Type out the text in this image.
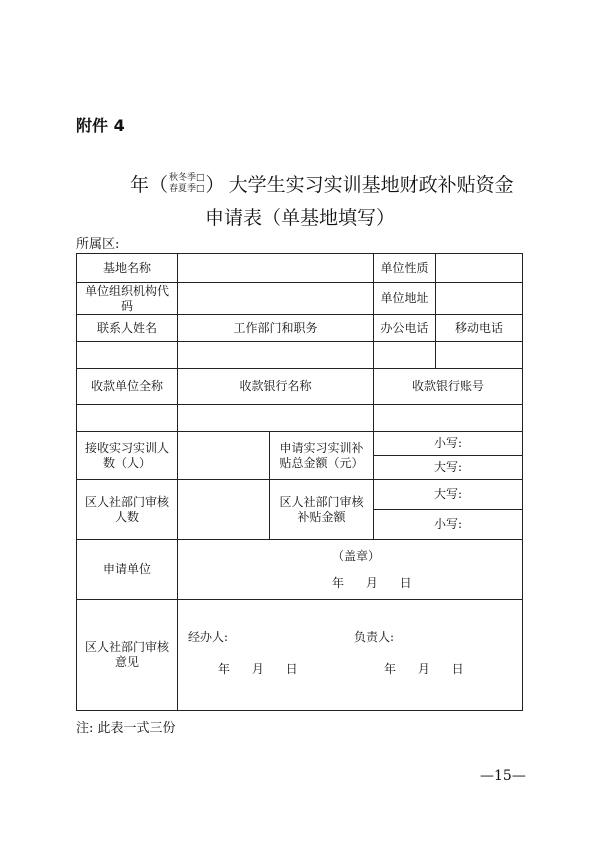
附件 4
年（秋冬季□
春夏季□） 大学生实习实训基地财政补贴资金
申请表（单基地填写）
所属区:
基地名称			单位性质	
单位组织机构代码			单位地址	
联系人姓名	工作部门和职务		办公电话	移动电话

收款单位全称	收款银行名称		收款银行账号	

接收实习实训人数（人）		申请实习实训补贴总金额（元）	小写:	
			大写:	
区人社部门审核人数		区人社部门审核补贴金额	大写:	
			小写:	
申请单位	（盖章）
年 月 日			

区人社部门审核意见	经办人: 负责人:
年 月 日 年 月 日			
注: 此表一式三份
—15—
